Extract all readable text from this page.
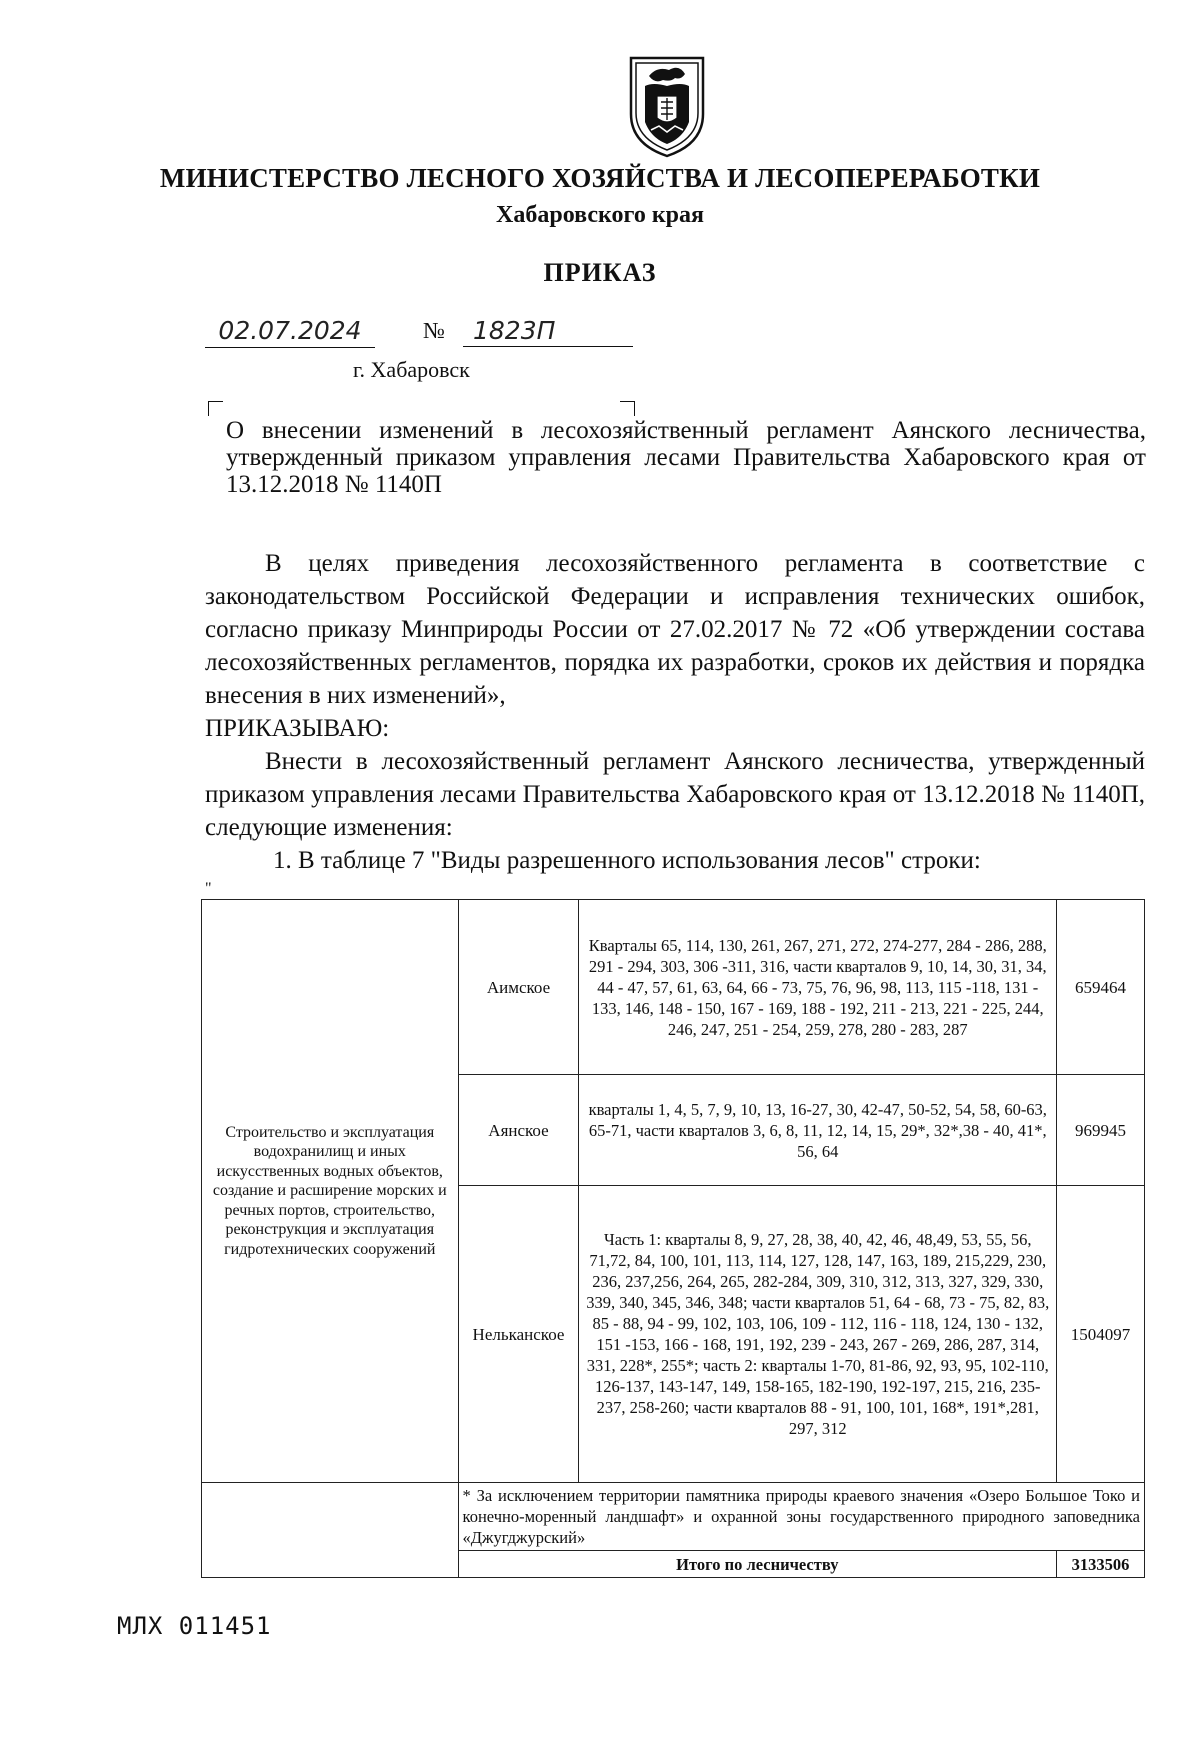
МИНИСТЕРСТВО ЛЕСНОГО ХОЗЯЙСТВА И ЛЕСОПЕРЕРАБОТКИ
Хабаровского края
ПРИКАЗ
02.07.2024	№	1823П
г. Хабаровск
О внесении изменений в лесохозяйственный регламент Аянского лесничества, утвержденный приказом управления лесами Правительства Хабаровского края от 13.12.2018 № 1140П
В целях приведения лесохозяйственного регламента в соответствие с законодательством Российской Федерации и исправления технических ошибок, согласно приказу Минприроды России от 27.02.2017 № 72 «Об утверждении состава лесохозяйственных регламентов, порядка их разработки, сроков их действия и порядка внесения в них изменений»,
ПРИКАЗЫВАЮ:
Внести в лесохозяйственный регламент Аянского лесничества, утвержденный приказом управления лесами Правительства Хабаровского края от 13.12.2018 № 1140П, следующие изменения:
1. В таблице 7 "Виды разрешенного использования лесов" строки:
"
Строительство и эксплуатация водохранилищ и иных искусственных водных объектов, создание и расширение морских и речных портов, строительство, реконструкция и эксплуатация гидротехнических сооружений	Аимское	Кварталы 65, 114, 130, 261, 267, 271, 272, 274-277, 284 - 286, 288, 291 - 294, 303, 306 -311, 316, части кварталов 9, 10, 14, 30, 31, 34, 44 - 47, 57, 61, 63, 64, 66 - 73, 75, 76, 96, 98, 113, 115 -118, 131 - 133, 146, 148 - 150, 167 - 169, 188 - 192, 211 - 213, 221 - 225, 244, 246, 247, 251 - 254, 259, 278, 280 - 283, 287	659464
	Аянское	кварталы 1, 4, 5, 7, 9, 10, 13, 16-27, 30, 42-47, 50-52, 54, 58, 60-63, 65-71, части кварталов 3, 6, 8, 11, 12, 14, 15, 29*, 32*,38 - 40, 41*, 56, 64	969945
	Нельканское	Часть 1: кварталы 8, 9, 27, 28, 38, 40, 42, 46, 48,49, 53, 55, 56, 71,72, 84, 100, 101, 113, 114, 127, 128, 147, 163, 189, 215,229, 230, 236, 237,256, 264, 265, 282-284, 309, 310, 312, 313, 327, 329, 330, 339, 340, 345, 346, 348; части кварталов 51, 64 - 68, 73 - 75, 82, 83, 85 - 88, 94 - 99, 102, 103, 106, 109 - 112, 116 - 118, 124, 130 - 132, 151 -153, 166 - 168, 191, 192, 239 - 243, 267 - 269, 286, 287, 314, 331, 228*, 255*; часть 2: кварталы 1-70, 81-86, 92, 93, 95, 102-110, 126-137, 143-147, 149, 158-165, 182-190, 192-197, 215, 216, 235-237, 258-260; части кварталов 88 - 91, 100, 101, 168*, 191*,281, 297, 312	1504097
	* За исключением территории памятника природы краевого значения «Озеро Большое Токо и конечно-моренный ландшафт» и охранной зоны государственного природного заповедника «Джугджурский»		
	Итого по лесничеству		3133506
МЛХ 011451
